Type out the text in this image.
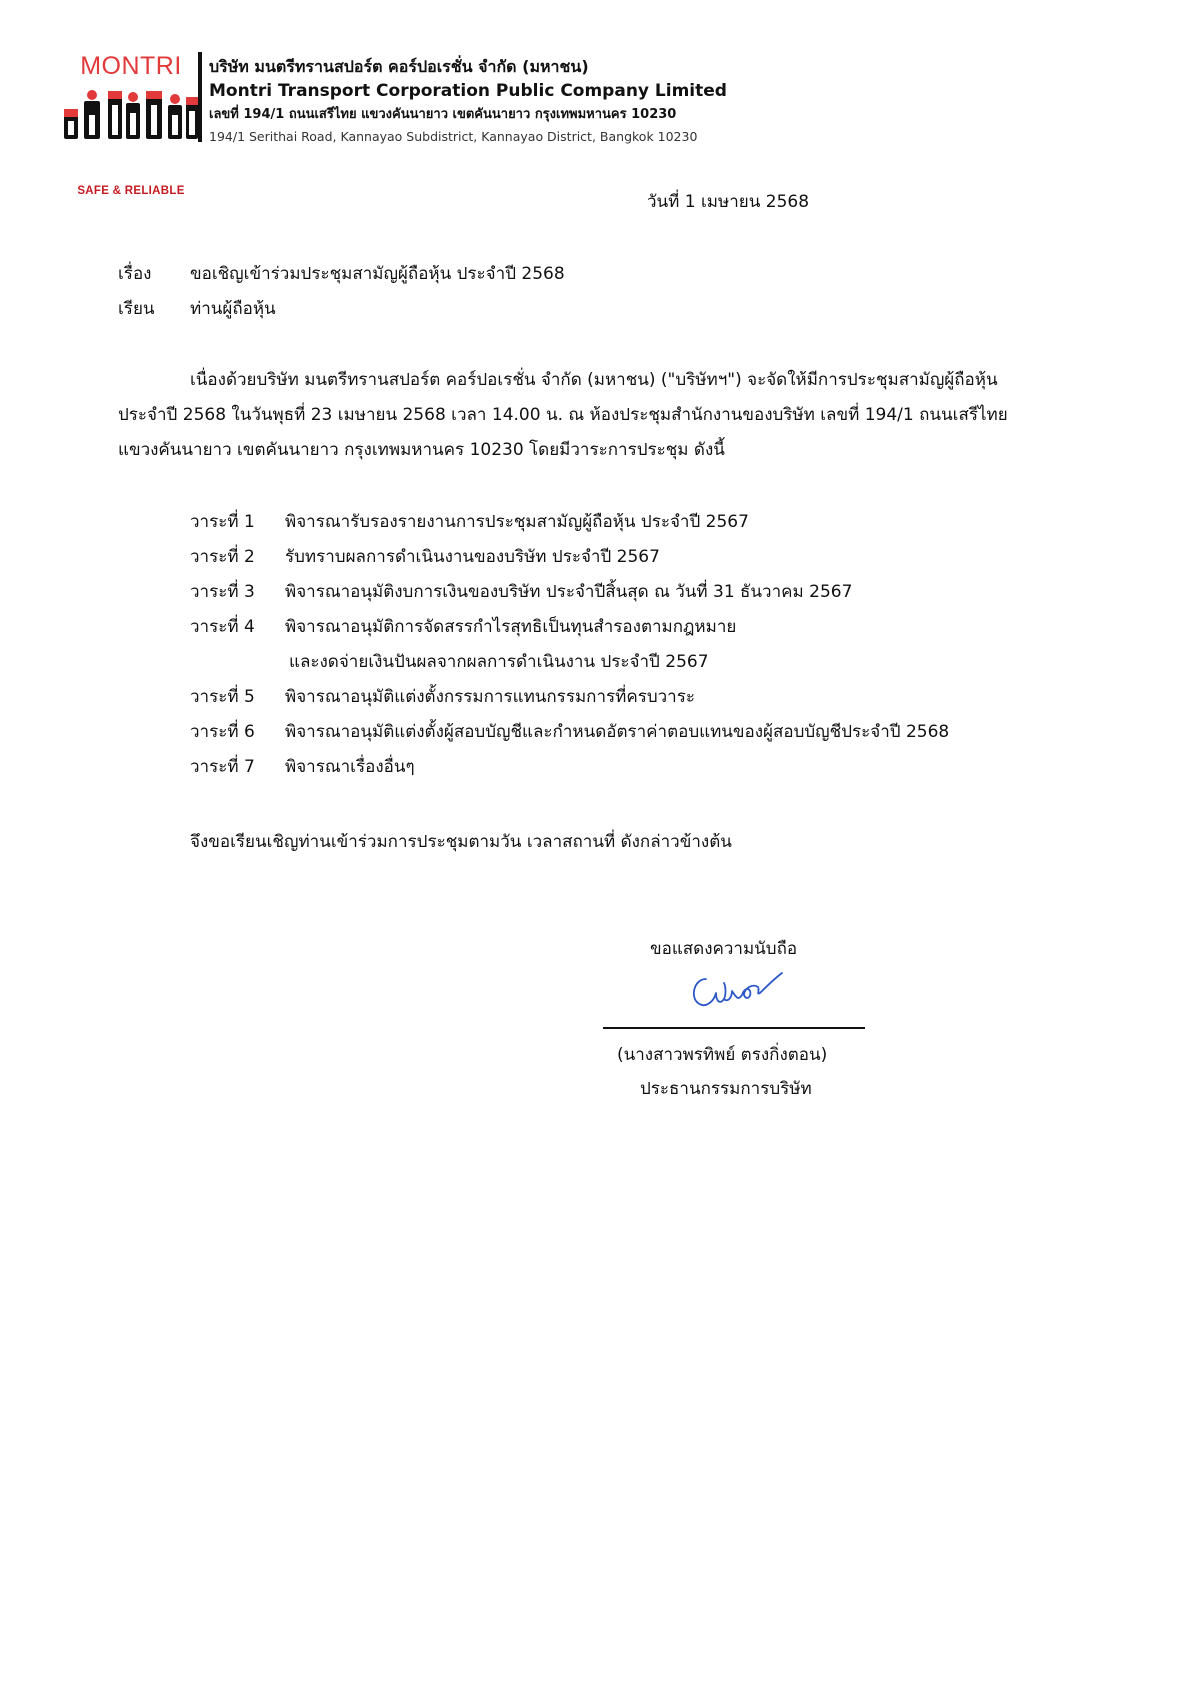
MONTRI
SAFE & RELIABLE
บริษัท มนตรีทรานสปอร์ต คอร์ปอเรชั่น จำกัด (มหาชน)
Montri Transport Corporation Public Company Limited
เลขที่ 194/1 ถนนเสรีไทย แขวงคันนายาว เขตคันนายาว กรุงเทพมหานคร 10230
194/1 Serithai Road, Kannayao Subdistrict, Kannayao District, Bangkok 10230
วันที่ 1 เมษายน 2568
เรื่อง ขอเชิญเข้าร่วมประชุมสามัญผู้ถือหุ้น ประจำปี 2568
เรียน ท่านผู้ถือหุ้น
เนื่องด้วยบริษัท มนตรีทรานสปอร์ต คอร์ปอเรชั่น จำกัด (มหาชน) ("บริษัทฯ") จะจัดให้มีการประชุมสามัญผู้ถือหุ้น
ประจำปี 2568 ในวันพุธที่ 23 เมษายน 2568 เวลา 14.00 น. ณ ห้องประชุมสำนักงานของบริษัท เลขที่ 194/1 ถนนเสรีไทย
แขวงคันนายาว เขตคันนายาว กรุงเทพมหานคร 10230 โดยมีวาระการประชุม ดังนี้
วาระที่ 1 พิจารณารับรองรายงานการประชุมสามัญผู้ถือหุ้น ประจำปี 2567
วาระที่ 2 รับทราบผลการดำเนินงานของบริษัท ประจำปี 2567
วาระที่ 3 พิจารณาอนุมัติงบการเงินของบริษัท ประจำปีสิ้นสุด ณ วันที่ 31 ธันวาคม 2567
วาระที่ 4 พิจารณาอนุมัติการจัดสรรกำไรสุทธิเป็นทุนสำรองตามกฎหมาย
และงดจ่ายเงินปันผลจากผลการดำเนินงาน ประจำปี 2567
วาระที่ 5 พิจารณาอนุมัติแต่งตั้งกรรมการแทนกรรมการที่ครบวาระ
วาระที่ 6 พิจารณาอนุมัติแต่งตั้งผู้สอบบัญชีและกำหนดอัตราค่าตอบแทนของผู้สอบบัญชีประจำปี 2568
วาระที่ 7 พิจารณาเรื่องอื่นๆ
จึงขอเรียนเชิญท่านเข้าร่วมการประชุมตามวัน เวลาสถานที่ ดังกล่าวข้างต้น
ขอแสดงความนับถือ
(นางสาวพรทิพย์ ตรงกิ่งตอน)
ประธานกรรมการบริษัท
